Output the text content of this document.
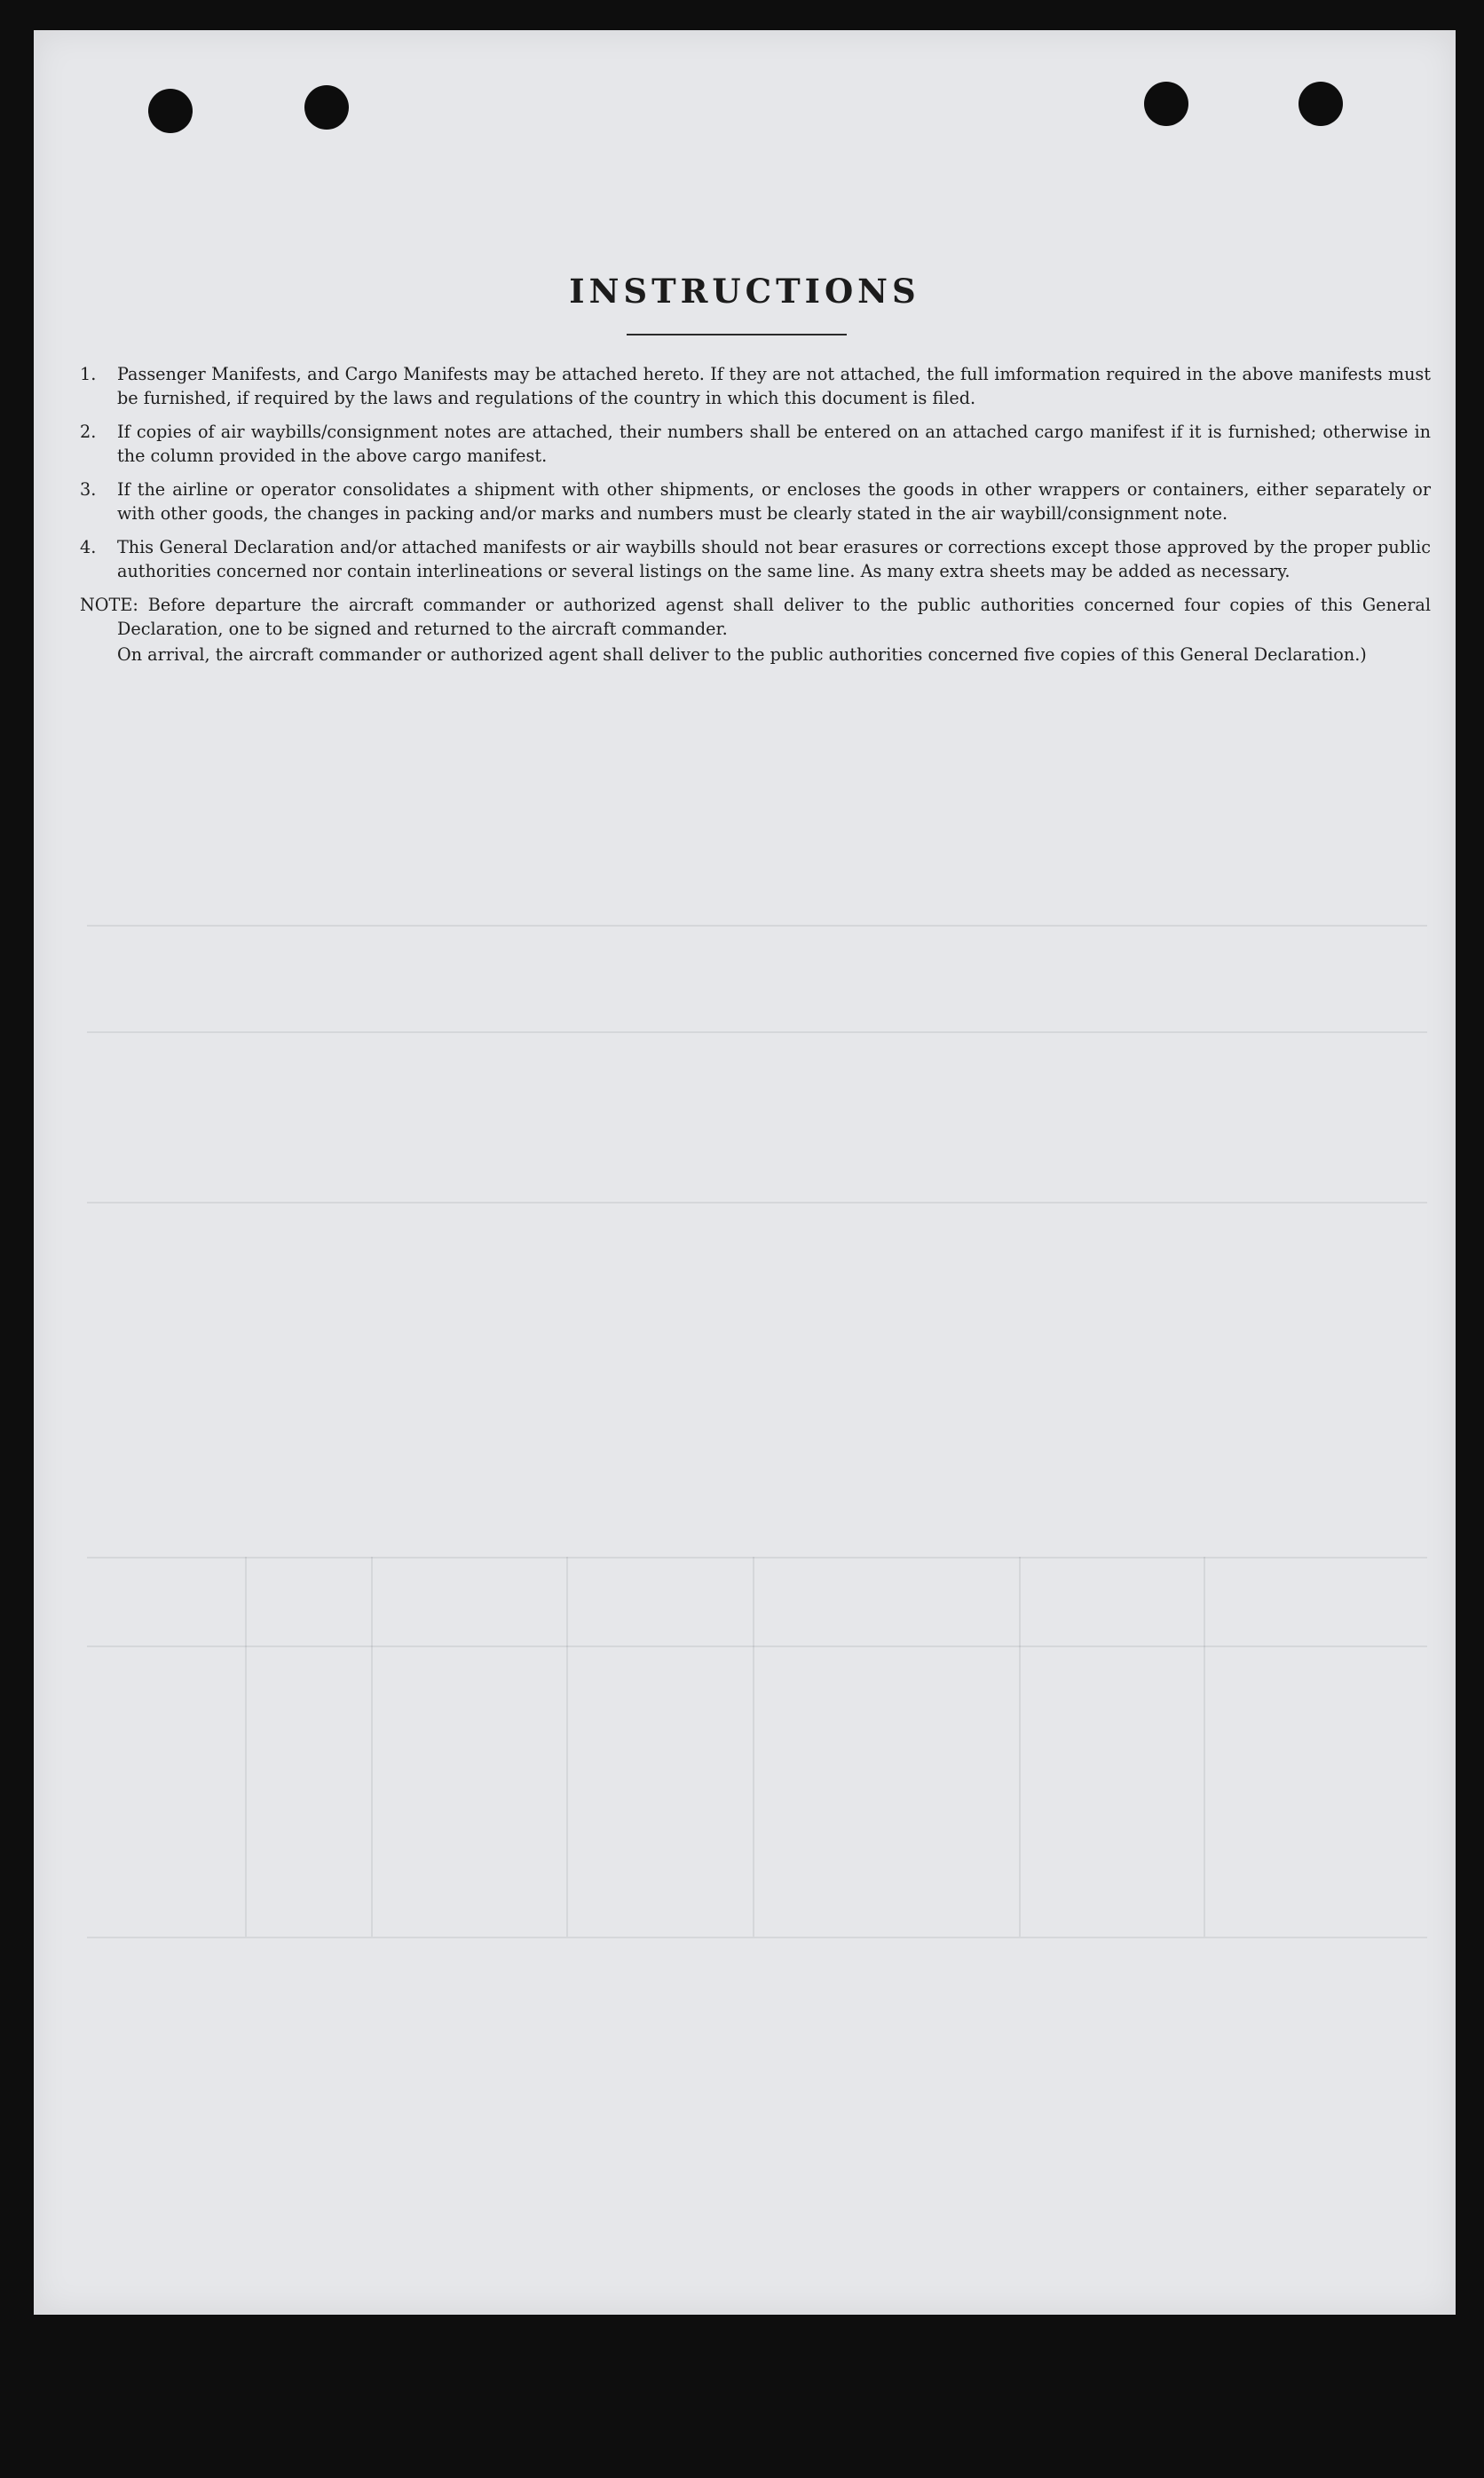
INSTRUCTIONS
1. Passenger Manifests, and Cargo Manifests may be attached hereto. If they are not attached, the full imformation required in the above manifests must be furnished, if required by the laws and regulations of the country in which this document is filed.
2. If copies of air waybills/consignment notes are attached, their numbers shall be entered on an attached cargo manifest if it is furnished; otherwise in the column provided in the above cargo manifest.
3. If the airline or operator consolidates a shipment with other shipments, or encloses the goods in other wrappers or containers, either separately or with other goods, the changes in packing and/or marks and numbers must be clearly stated in the air waybill/consignment note.
4. This General Declaration and/or attached manifests or air waybills should not bear erasures or corrections except those approved by the proper public authorities concerned nor contain interlineations or several listings on the same line. As many extra sheets may be added as necessary.

NOTE: Before departure the aircraft commander or authorized agenst shall deliver to the public authorities concerned four copies of this General Declaration, one to be signed and returned to the aircraft commander.

On arrival, the aircraft commander or authorized agent shall deliver to the public authorities concerned five copies of this General Declaration.)
